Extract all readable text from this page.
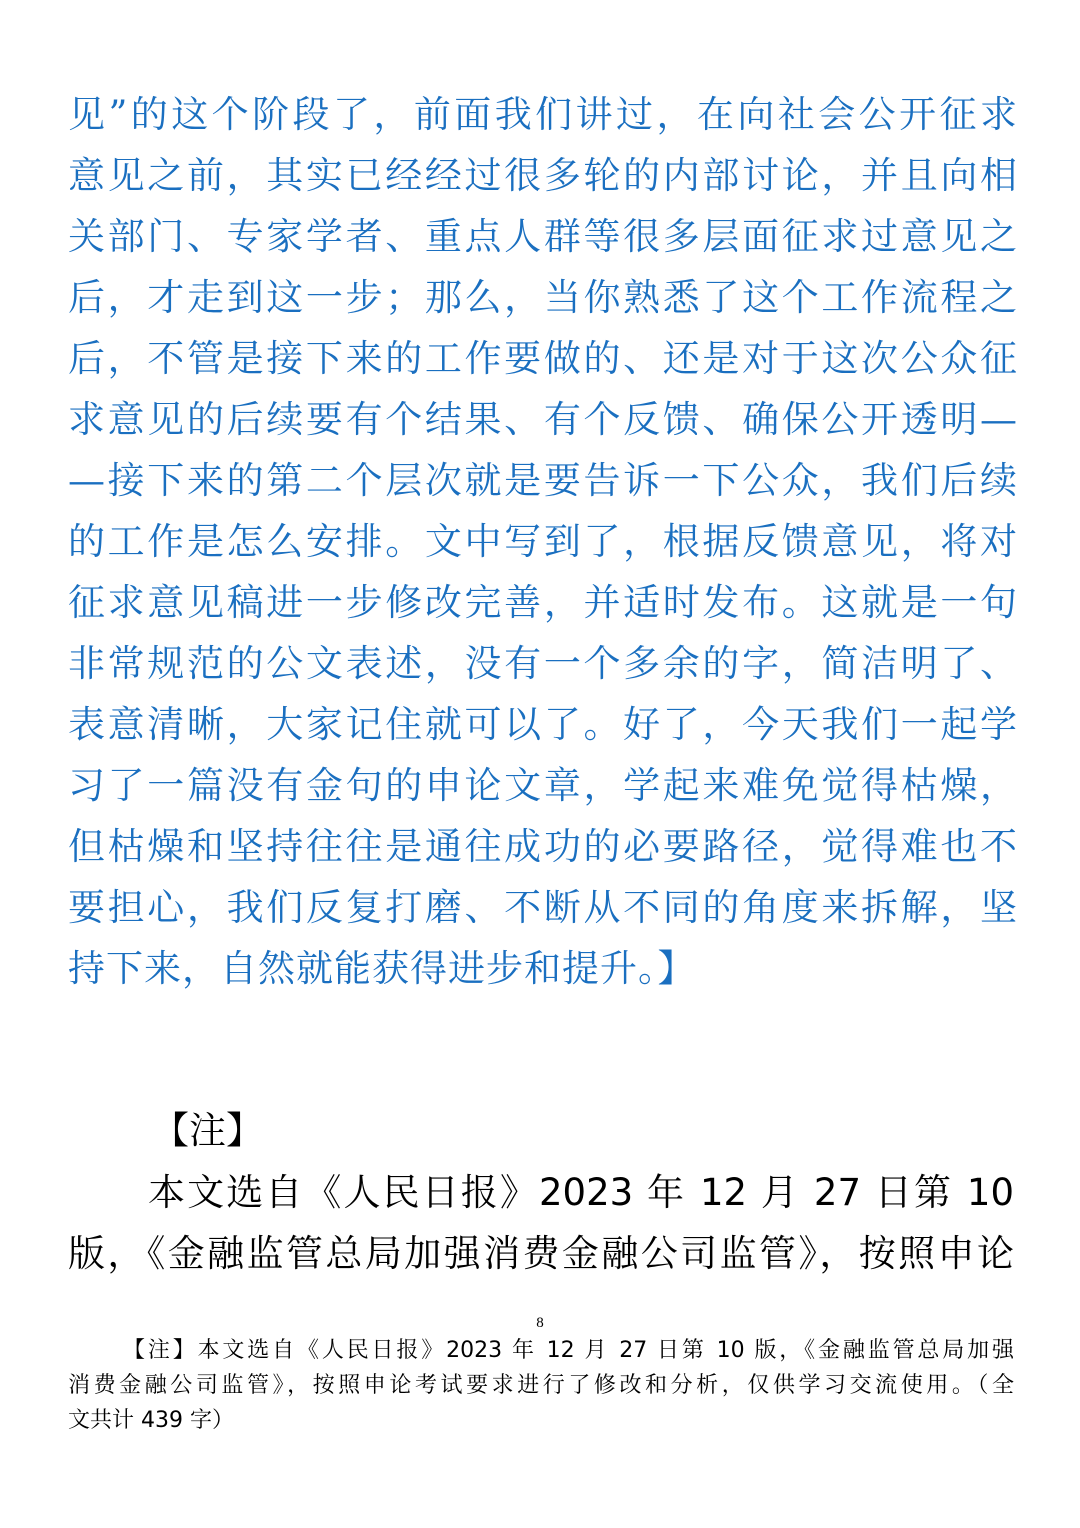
见”的这个阶段了，前面我们讲过，在向社会公开征求
意见之前，其实已经经过很多轮的内部讨论，并且向相
关部门、专家学者、重点人群等很多层面征求过意见之
后，才走到这一步；那么，当你熟悉了这个工作流程之
后，不管是接下来的工作要做的、还是对于这次公众征
求意见的后续要有个结果、有个反馈、确保公开透明—
—接下来的第二个层次就是要告诉一下公众，我们后续
的工作是怎么安排。文中写到了，根据反馈意见，将对
征求意见稿进一步修改完善，并适时发布。这就是一句
非常规范的公文表述，没有一个多余的字，简洁明了、
表意清晰，大家记住就可以了。好了，今天我们一起学
习了一篇没有金句的申论文章，学起来难免觉得枯燥，
但枯燥和坚持往往是通往成功的必要路径，觉得难也不
要担心，我们反复打磨、不断从不同的角度来拆解，坚
持下来，自然就能获得进步和提升。】
【注】
本文选自《人民日报》2023 年 12 月 27 日第 10
版，《金融监管总局加强消费金融公司监管》，按照申论
8
【注】本文选自《人民日报》2023 年 12 月 27 日第 10 版，《金融监管总局加强
消费金融公司监管》，按照申论考试要求进行了修改和分析，仅供学习交流使用。（全
文共计 439 字）
